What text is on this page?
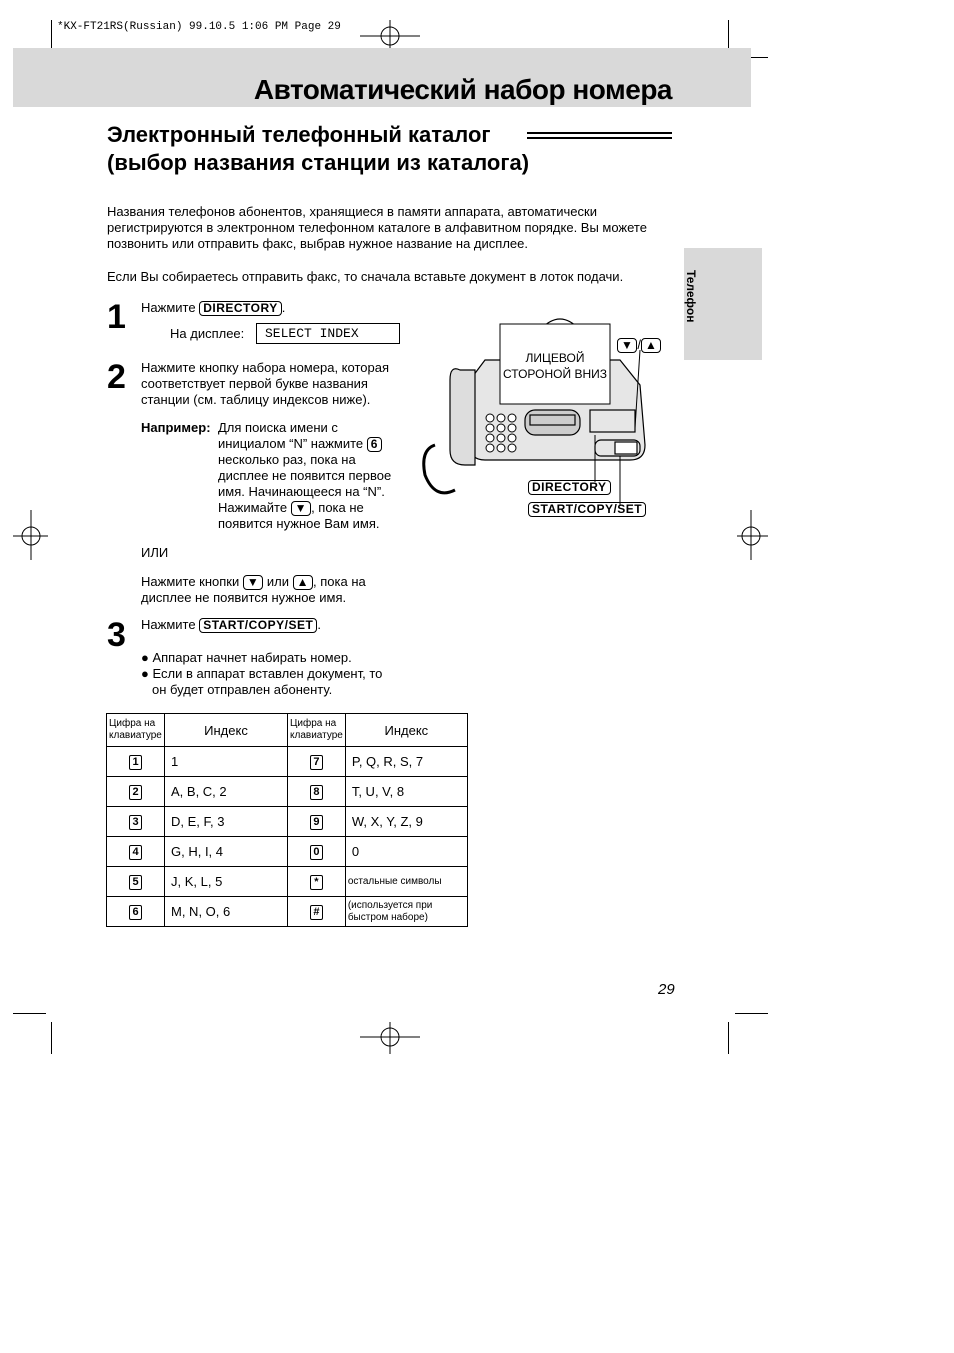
*KX-FT21RS(Russian) 99.10.5 1:06 PM Page 29
Автоматический набор номера
Электронный телефонный каталог
(выбор названия станции из каталога)
Телефон
Названия телефонов абонентов, хранящиеся в памяти аппарата, автоматически
регистрируются в электронном телефонном каталоге в алфавитном порядке. Вы можете
позвонить или отправить факс, выбрав нужное название на дисплее.
Если Вы собираетесь отправить факс, то сначала вставьте документ в лоток подачи.
1 Нажмите DIRECTORY .
На дисплее:	SELECT INDEX
2 Нажмите кнопку набора номера, которая
соответствует первой букве названия
станции (см. таблицу индексов ниже).
Например: Для поиска имени с
инициалом “N” нажмите 6
несколько раз, пока на
дисплее не появится первое
имя. Начинающееся на “N”.
Нажимайте ▼ , пока не
появится нужное Вам имя.
ИЛИ
Нажмите кнопки ▼ или ▲ , пока на
дисплее не появится нужное имя.
3 Нажмите START/COPY/SET .
● Аппарат начнет набирать номер.
● Если в аппарат вставлен документ, то
он будет отправлен абоненту.
ЛИЦЕВОЙ
СТОРОНОЙ ВНИЗ
▼ / ▲
DIRECTORY
START/COPY/SET
Цифра на клавиатуре	Индекс	Цифра на клавиатуре	Индекс
1	1	7	P, Q, R, S, 7
2	A, B, C, 2	8	T, U, V, 8
3	D, E, F, 3	9	W, X, Y, Z, 9
4	G, H, I, 4	0	0
5	J, K, L, 5	*	остальные символы
6	M, N, O, 6	#	(используется при быстром наборе)
29
